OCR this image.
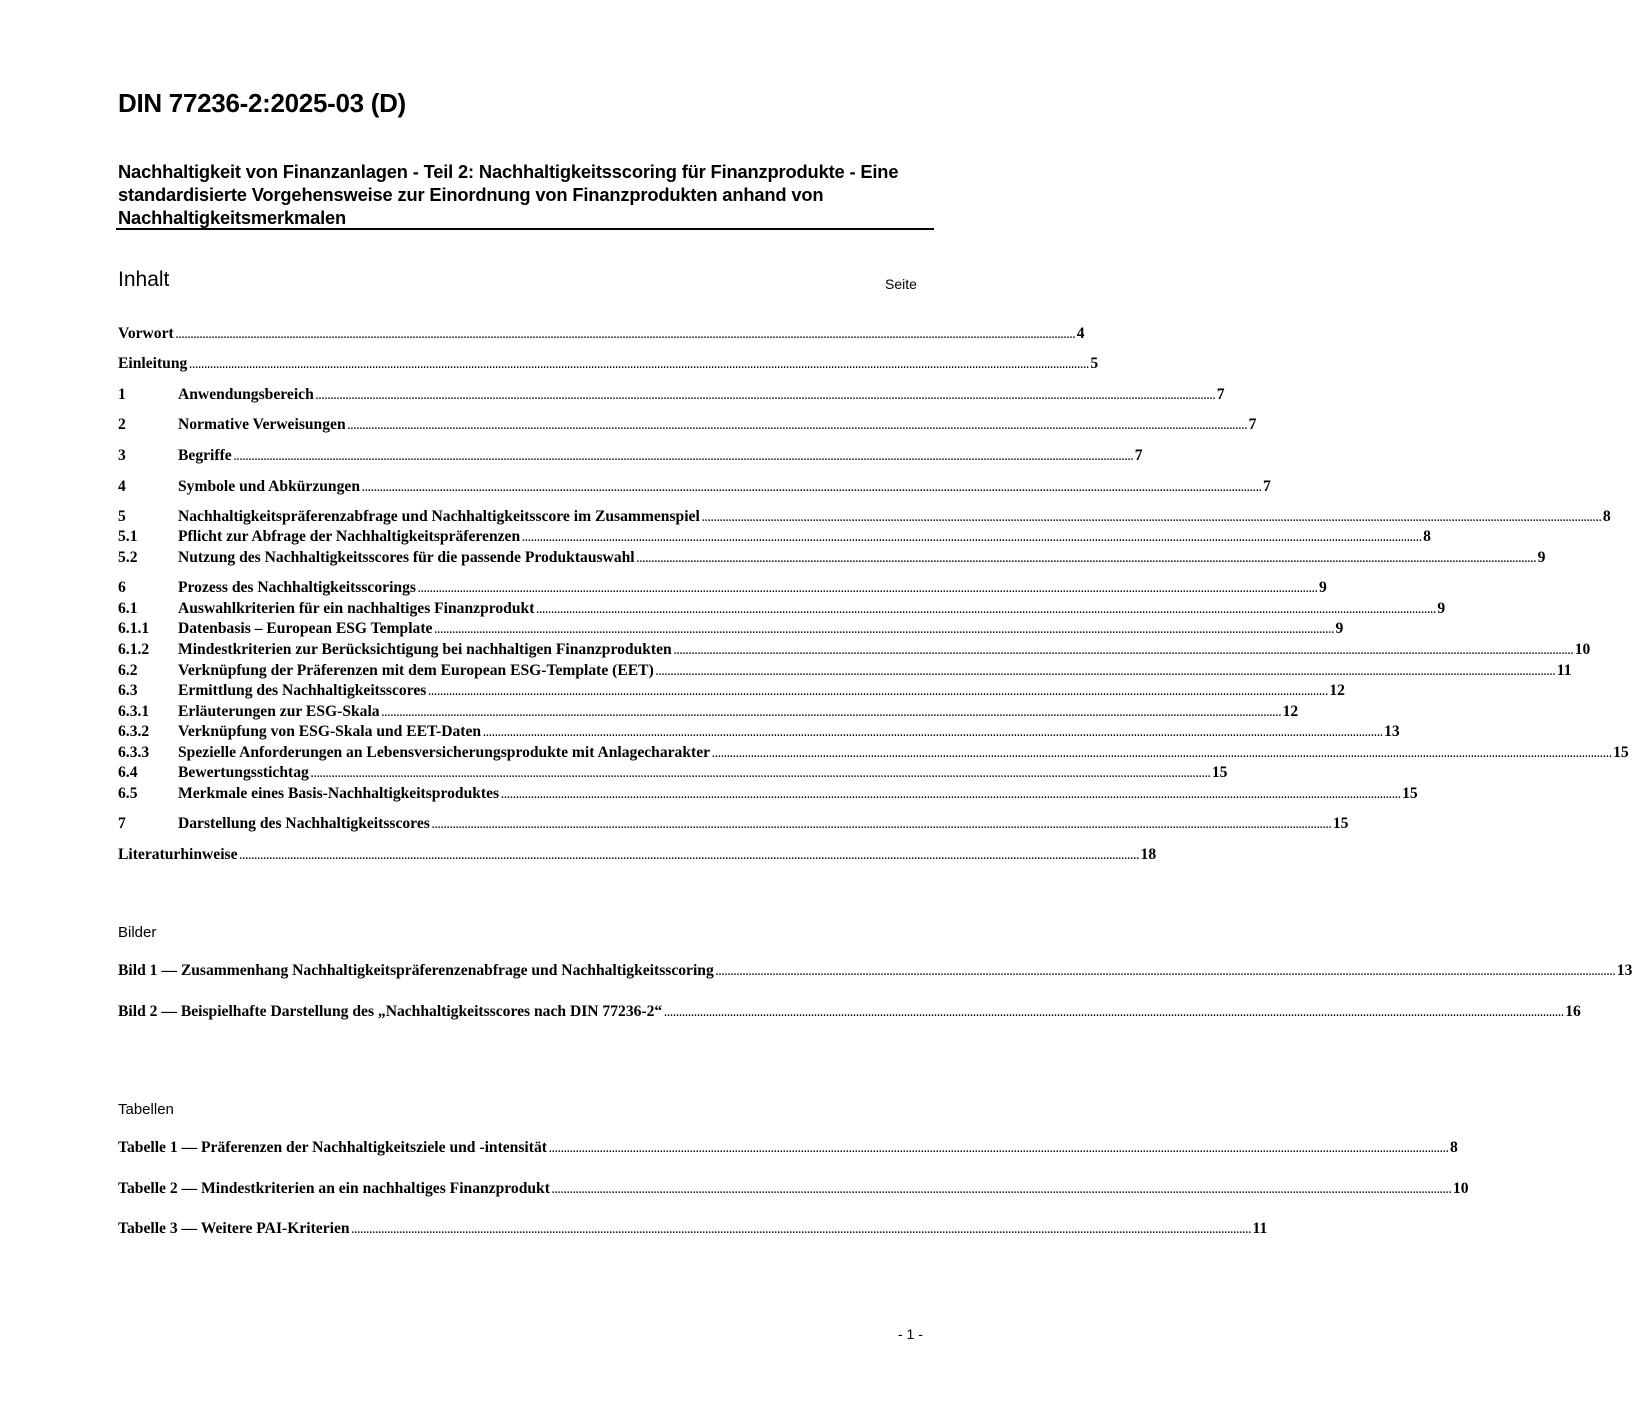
DIN 77236-2:2025-03 (D)
Nachhaltigkeit von Finanzanlagen - Teil 2: Nachhaltigkeitsscoring für Finanzprodukte - Eine standardisierte Vorgehensweise zur Einordnung von Finanzprodukten anhand von Nachhaltigkeitsmerkmalen
Inhalt	Seite
Vorwort ............................................................................................................................................................................................................................................................................................................ 4
Einleitung ............................................................................................................................................................................................................................................................................................................ 5
1	Anwendungsbereich ............................................................................................................................................................................................................................................................................................................ 7
2	Normative Verweisungen ............................................................................................................................................................................................................................................................................................................ 7
3	Begriffe ............................................................................................................................................................................................................................................................................................................ 7
4	Symbole und Abkürzungen ............................................................................................................................................................................................................................................................................................................ 7
5	Nachhaltigkeitspräferenzabfrage und Nachhaltigkeitsscore im Zusammenspiel ............................................................................................................................................................................................................................................................................................................ 8
5.1	Pflicht zur Abfrage der Nachhaltigkeitspräferenzen ............................................................................................................................................................................................................................................................................................................ 8
5.2	Nutzung des Nachhaltigkeitsscores für die passende Produktauswahl ............................................................................................................................................................................................................................................................................................................ 9
6	Prozess des Nachhaltigkeitsscorings ............................................................................................................................................................................................................................................................................................................ 9
6.1	Auswahlkriterien für ein nachhaltiges Finanzprodukt ............................................................................................................................................................................................................................................................................................................ 9
6.1.1	Datenbasis – European ESG Template ............................................................................................................................................................................................................................................................................................................ 9
6.1.2	Mindestkriterien zur Berücksichtigung bei nachhaltigen Finanzprodukten ............................................................................................................................................................................................................................................................................................................ 10
6.2	Verknüpfung der Präferenzen mit dem European ESG-Template (EET) ............................................................................................................................................................................................................................................................................................................ 11
6.3	Ermittlung des Nachhaltigkeitsscores ............................................................................................................................................................................................................................................................................................................ 12
6.3.1	Erläuterungen zur ESG-Skala ............................................................................................................................................................................................................................................................................................................ 12
6.3.2	Verknüpfung von ESG-Skala und EET-Daten ............................................................................................................................................................................................................................................................................................................ 13
6.3.3	Spezielle Anforderungen an Lebensversicherungsprodukte mit Anlagecharakter ............................................................................................................................................................................................................................................................................................................ 15
6.4	Bewertungsstichtag ............................................................................................................................................................................................................................................................................................................ 15
6.5	Merkmale eines Basis-Nachhaltigkeitsproduktes ............................................................................................................................................................................................................................................................................................................ 15
7	Darstellung des Nachhaltigkeitsscores ............................................................................................................................................................................................................................................................................................................ 15
Literaturhinweise ............................................................................................................................................................................................................................................................................................................ 18
Bilder
Bild 1 — Zusammenhang Nachhaltigkeitspräferenzenabfrage und Nachhaltigkeitsscoring ............................................................................................................................................................................................................................................................................................................ 13
Bild 2 — Beispielhafte Darstellung des „Nachhaltigkeitsscores nach DIN 77236-2“ ............................................................................................................................................................................................................................................................................................................ 16
Tabellen
Tabelle 1 — Präferenzen der Nachhaltigkeitsziele und -intensität ............................................................................................................................................................................................................................................................................................................ 8
Tabelle 2 — Mindestkriterien an ein nachhaltiges Finanzprodukt ............................................................................................................................................................................................................................................................................................................ 10
Tabelle 3 — Weitere PAI-Kriterien ............................................................................................................................................................................................................................................................................................................ 11
- 1 -
